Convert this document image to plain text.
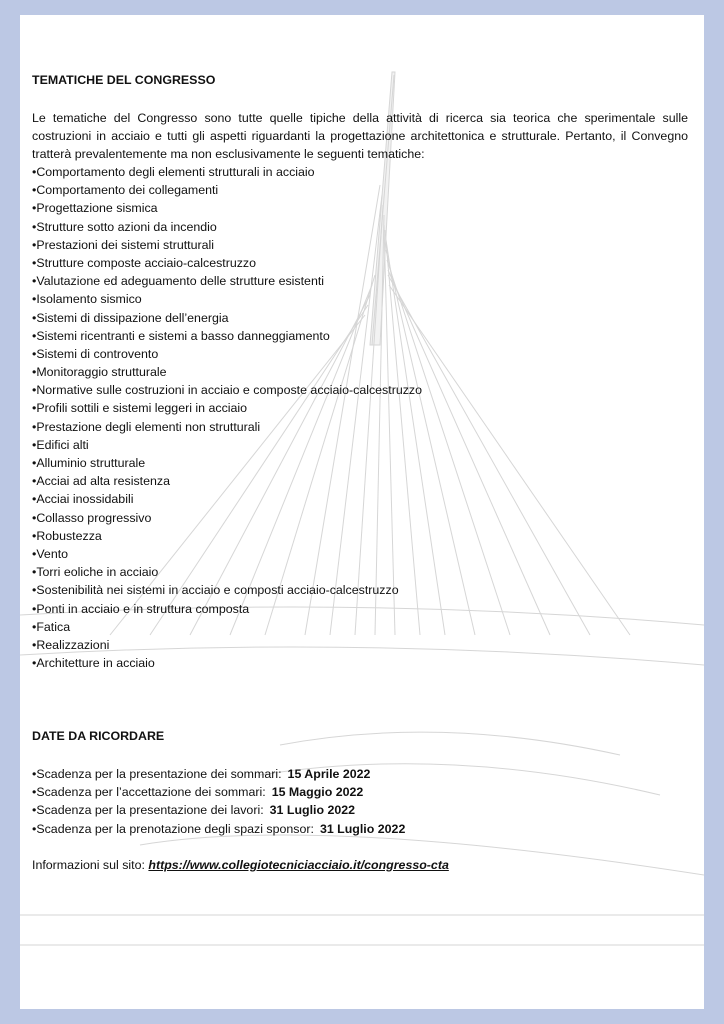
TEMATICHE DEL CONGRESSO

Le tematiche del Congresso sono tutte quelle tipiche della attività di ricerca sia teorica che sperimentale sulle costruzioni in acciaio e tutti gli aspetti riguardanti la progettazione architettonica e strutturale. Pertanto, il Convegno tratterà prevalentemente ma non esclusivamente le seguenti tematiche:

• Comportamento degli elementi strutturali in acciaio
• Comportamento dei collegamenti
• Progettazione sismica
• Strutture sotto azioni da incendio
• Prestazioni dei sistemi strutturali
• Strutture composte acciaio-calcestruzzo
• Valutazione ed adeguamento delle strutture esistenti
• Isolamento sismico
• Sistemi di dissipazione dell’energia
• Sistemi ricentranti e sistemi a basso danneggiamento
• Sistemi di controvento
• Monitoraggio strutturale
• Normative sulle costruzioni in acciaio e composte acciaio-calcestruzzo
• Profili sottili e sistemi leggeri in acciaio
• Prestazione degli elementi non strutturali
• Edifici alti
• Alluminio strutturale
• Acciai ad alta resistenza
• Acciai inossidabili
• Collasso progressivo
• Robustezza
• Vento
• Torri eoliche in acciaio
• Sostenibilità nei sistemi in acciaio e composti acciaio-calcestruzzo
• Ponti in acciaio e in struttura composta
• Fatica
• Realizzazioni
• Architetture in acciaio
DATE DA RICORDARE
• Scadenza per la presentazione dei sommari: 15 Aprile 2022
• Scadenza per l’accettazione dei sommari: 15 Maggio 2022
• Scadenza per la presentazione dei lavori: 31 Luglio 2022
• Scadenza per la prenotazione degli spazi sponsor: 31 Luglio 2022
Informazioni sul sito: https://www.collegiotecniciacciaio.it/congresso-cta
